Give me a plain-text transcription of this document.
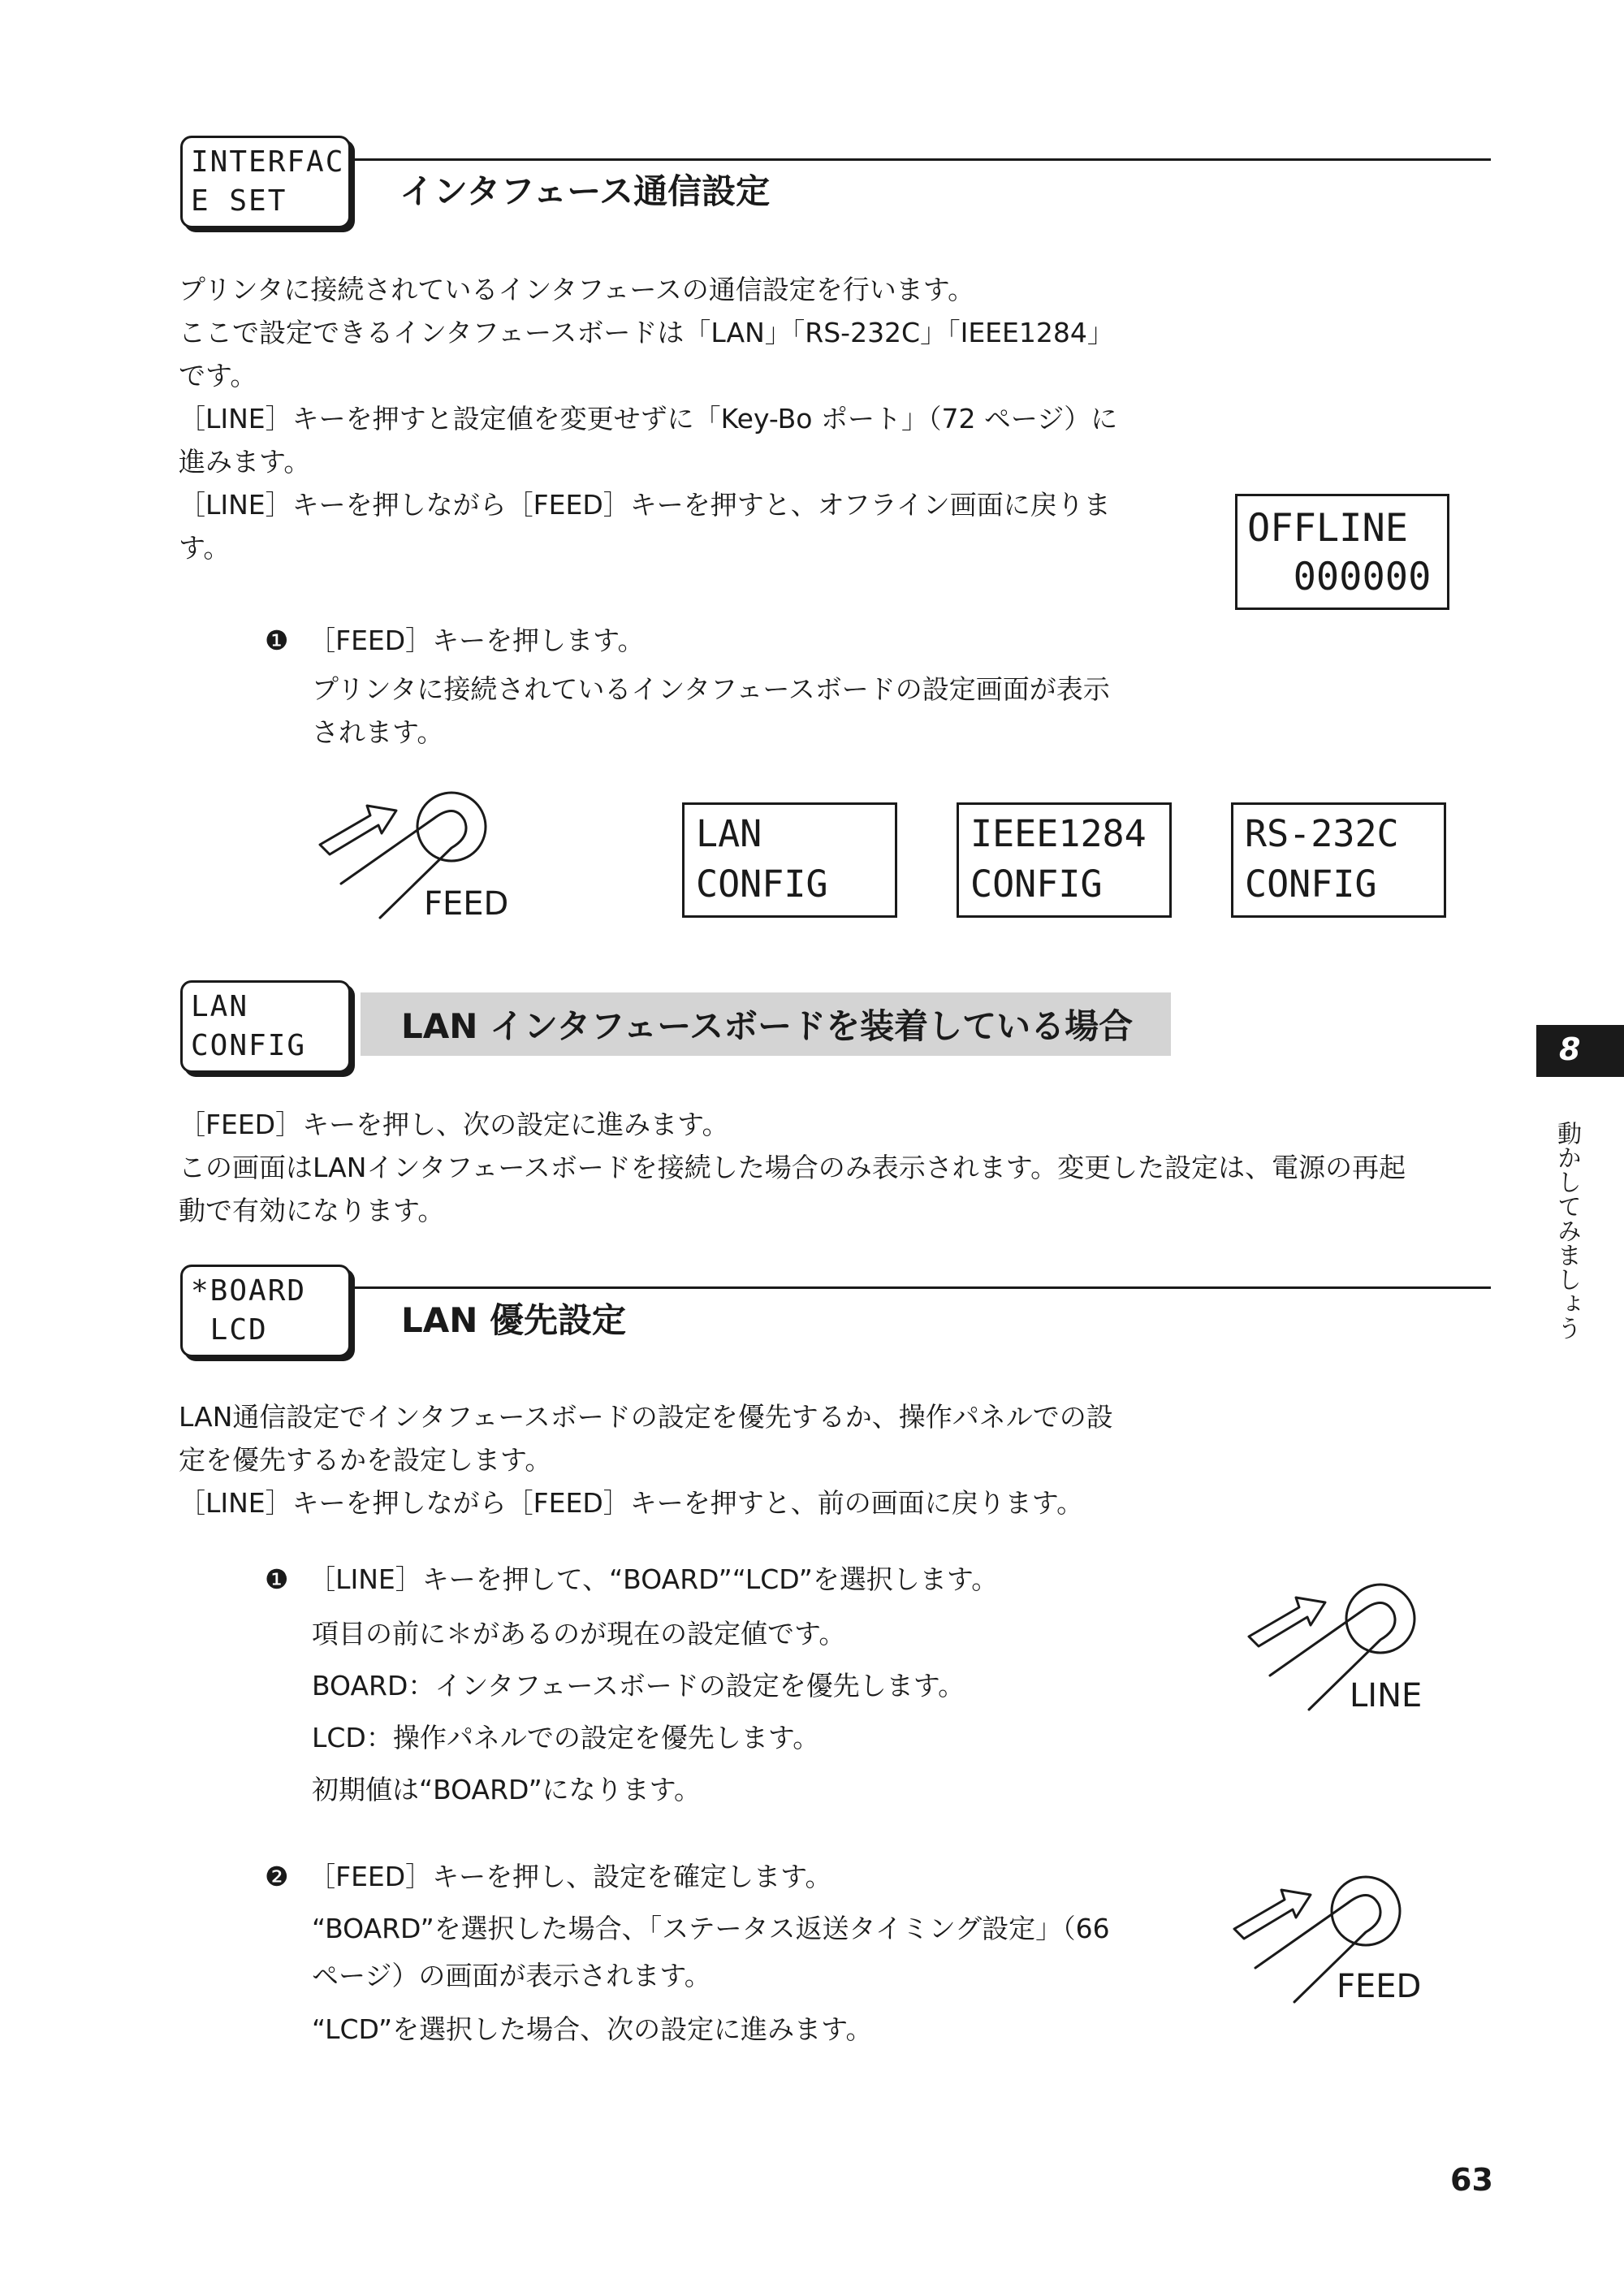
INTERFAC
E SET	インタフェース通信設定
プリンタに接続されているインタフェースの通信設定を行います。
ここで設定できるインタフェースボードは「LAN」「RS-232C」「IEEE1284」
です。
［LINE］キーを押すと設定値を変更せずに「Key-Bo ポート」（72 ページ）に
進みます。
［LINE］キーを押しながら［FEED］キーを押すと、オフライン画面に戻りま
す。	OFFLINE
000000
❶ ［FEED］キーを押します。
プリンタに接続されているインタフェースボードの設定画面が表示
されます。
FEED
LAN
CONFIG
IEEE1284
CONFIG
RS-232C
CONFIG
LAN
CONFIG	LAN インタフェースボードを装着している場合
［FEED］キーを押し、次の設定に進みます。
この画面はLANインタフェースボードを接続した場合のみ表示されます。変更した設定は、電源の再起
動で有効になります。
*BOARD
LCD	LAN 優先設定
LAN通信設定でインタフェースボードの設定を優先するか、操作パネルでの設
定を優先するかを設定します。
［LINE］キーを押しながら［FEED］キーを押すと、前の画面に戻ります。
❶ ［LINE］キーを押して、“BOARD”“LCD”を選択します。
項目の前に＊があるのが現在の設定値です。
BOARD：インタフェースボードの設定を優先します。
LCD：操作パネルでの設定を優先します。
初期値は“BOARD”になります。
LINE
❷ ［FEED］キーを押し、設定を確定します。
“BOARD”を選択した場合、「ステータス返送タイミング設定」（66
ページ）の画面が表示されます。
“LCD”を選択した場合、次の設定に進みます。
FEED
8
動かしてみましょう
63
